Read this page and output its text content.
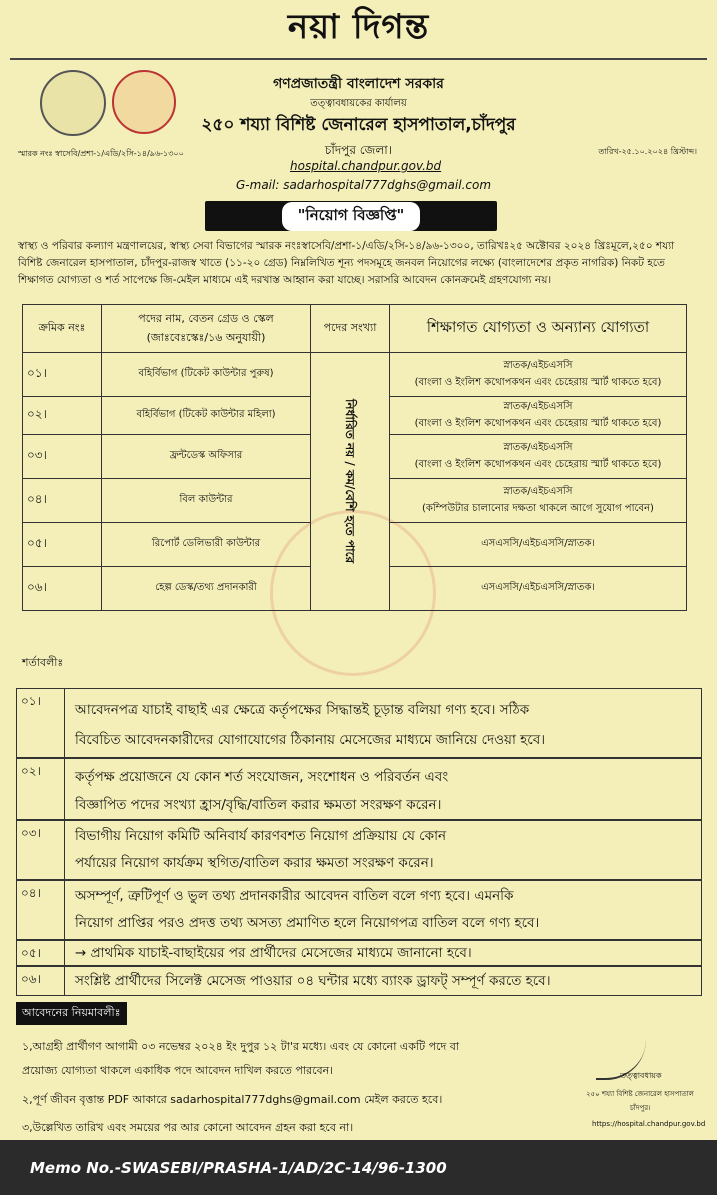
নয়া দিগন্ত
গণপ্রজাতন্ত্রী বাংলাদেশ সরকার
তত্ত্বাবধায়কের কার্যালয়
২৫০ শয্যা বিশিষ্ট জেনারেল হাসপাতাল,চাঁদপুর
স্মারক নংঃ স্বাসেবি/প্রশা-১/এডি/২সি-১৪/৯৬-১৩০০	তারিখ-২৫.১০.২০২৪ খ্রিস্টাব্দ।
চাঁদপুর জেলা।
hospital.chandpur.gov.bd
G-mail: sadarhospital777dghs@gmail.com
"নিয়োগ বিজ্ঞপ্তি"
স্বাস্থ্য ও পরিবার কল্যাণ মন্ত্রণালয়ের, স্বাস্থ্য সেবা বিভাগের স্মারক নংঃস্বাসেবি/প্রশা-১/এডি/২সি-১৪/৯৬-১৩০০, তারিখঃ২৫ অক্টোবর ২০২৪ খ্রিঃমূলে,২৫০ শয্যা বিশিষ্ট জেনারেল হাসপাতাল, চাঁদপুর-রাজস্ব খাতে (১১-২০ গ্রেড) নিম্নলিখিত শূন্য পদসমূহে জনবল নিয়োগের লক্ষ্যে (বাংলাদেশের প্রকৃত নাগরিক) নিকট হতে শিক্ষাগত যোগ্যতা ও শর্ত সাপেক্ষে জি-মেইল মাধ্যমে এই দরখাস্ত আহ্বান করা যাচ্ছে। সরাসরি আবেদন কোনক্রমেই গ্রহণযোগ্য নয়।
ক্রমিক নংঃ	পদের নাম, বেতন গ্রেড ও স্কেল
(জাঃবেঃস্কেঃ/১৬ অনুযায়ী)	পদের সংখ্যা	শিক্ষাগত যোগ্যতা ও অন্যান্য যোগ্যতা
০১।	বহির্বিভাগ (টিকেট কাউন্টার পুরুষ)	নির্ধারিত নয় / কম/বেশি হতে পারে	স্নাতক/এইচএসসি
(বাংলা ও ইংলিশ কথোপকথন এবং চেহেরায় স্মার্ট থাকতে হবে)

০২।	বহির্বিভাগ (টিকেট কাউন্টার মহিলা)		স্নাতক/এইচএসসি
(বাংলা ও ইংলিশ কথোপকথন এবং চেহেরায় স্মার্ট থাকতে হবে)

০৩।	ফ্রন্টডেস্ক অফিসার		স্নাতক/এইচএসসি
(বাংলা ও ইংলিশ কথোপকথন এবং চেহেরায় স্মার্ট থাকতে হবে)

০৪।	বিল কাউন্টার		স্নাতক/এইচএসসি
(কম্পিউটার চালানোর দক্ষতা থাকলে আগে সুযোগ পাবেন)

০৫।	রিপোর্ট ডেলিভারী কাউন্টার		এসএসসি/এইচএসসি/স্নাতক।
০৬।	হেল্প ডেস্ক/তথ্য প্রদানকারী		এসএসসি/এইচএসসি/স্নাতক।
শর্তাবলীঃ
০১।
আবেদনপত্র যাচাই বাছাই এর ক্ষেত্রে কর্তৃপক্ষের সিদ্ধান্তই চূড়ান্ত বলিয়া গণ্য হবে। সঠিক
বিবেচিত আবেদনকারীদের যোগাযোগের ঠিকানায় মেসেজের মাধ্যমে জানিয়ে দেওয়া হবে।
০২।	কর্তৃপক্ষ প্রয়োজনে যে কোন শর্ত সংযোজন, সংশোধন ও পরিবর্তন এবং
বিজ্ঞাপিত পদের সংখ্যা হ্রাস/বৃদ্ধি/বাতিল করার ক্ষমতা সংরক্ষণ করেন।
০৩।	বিভাগীয় নিয়োগ কমিটি অনিবার্য কারণবশত নিয়োগ প্রক্রিয়ায় যে কোন
পর্যায়ের নিয়োগ কার্যক্রম স্থগিত/বাতিল করার ক্ষমতা সংরক্ষণ করেন।
০৪।	অসম্পূর্ণ, ত্রুটিপূর্ণ ও ভুল তথ্য প্রদানকারীর আবেদন বাতিল বলে গণ্য হবে। এমনকি
নিয়োগ প্রাপ্তির পরও প্রদত্ত তথ্য অসত্য প্রমাণিত হলে নিয়োগপত্র বাতিল বলে গণ্য হবে।
০৫।	→ প্রাথমিক যাচাই-বাছাইয়ের পর প্রার্থীদের মেসেজের মাধ্যমে জানানো হবে।
০৬।	সংশ্লিষ্ট প্রার্থীদের সিলেক্ট মেসেজ পাওয়ার ০৪ ঘন্টার মধ্যে ব্যাংক ড্রাফট্ সম্পূর্ণ করতে হবে।
আবেদনের নিয়মাবলীঃ
১,আগ্রহী প্রার্থীগণ আগামী ০৩ নভেম্বর ২০২৪ ইং দুপুর ১২ টা'র মধ্যে। এবং যে কোনো একটি পদে বা
প্রয়োজ্য যোগ্যতা থাকলে একাধিক পদে আবেদন দাখিল করতে পারবেন।
২,পূর্ণ জীবন বৃত্তান্ত PDF আকারে sadarhospital777dghs@gmail.com মেইল করতে হবে।
৩,উল্লেখিত তারিখ এবং সময়ের পর আর কোনো আবেদন গ্রহন করা হবে না।
তত্ত্বাবধায়ক
২৫০ শয্যা বিশিষ্ট জেনারেল হাসপাতাল
চাঁদপুর।
https://hospital.chandpur.gov.bd
Memo No.-SWASEBI/PRASHA-1/AD/2C-14/96-1300
